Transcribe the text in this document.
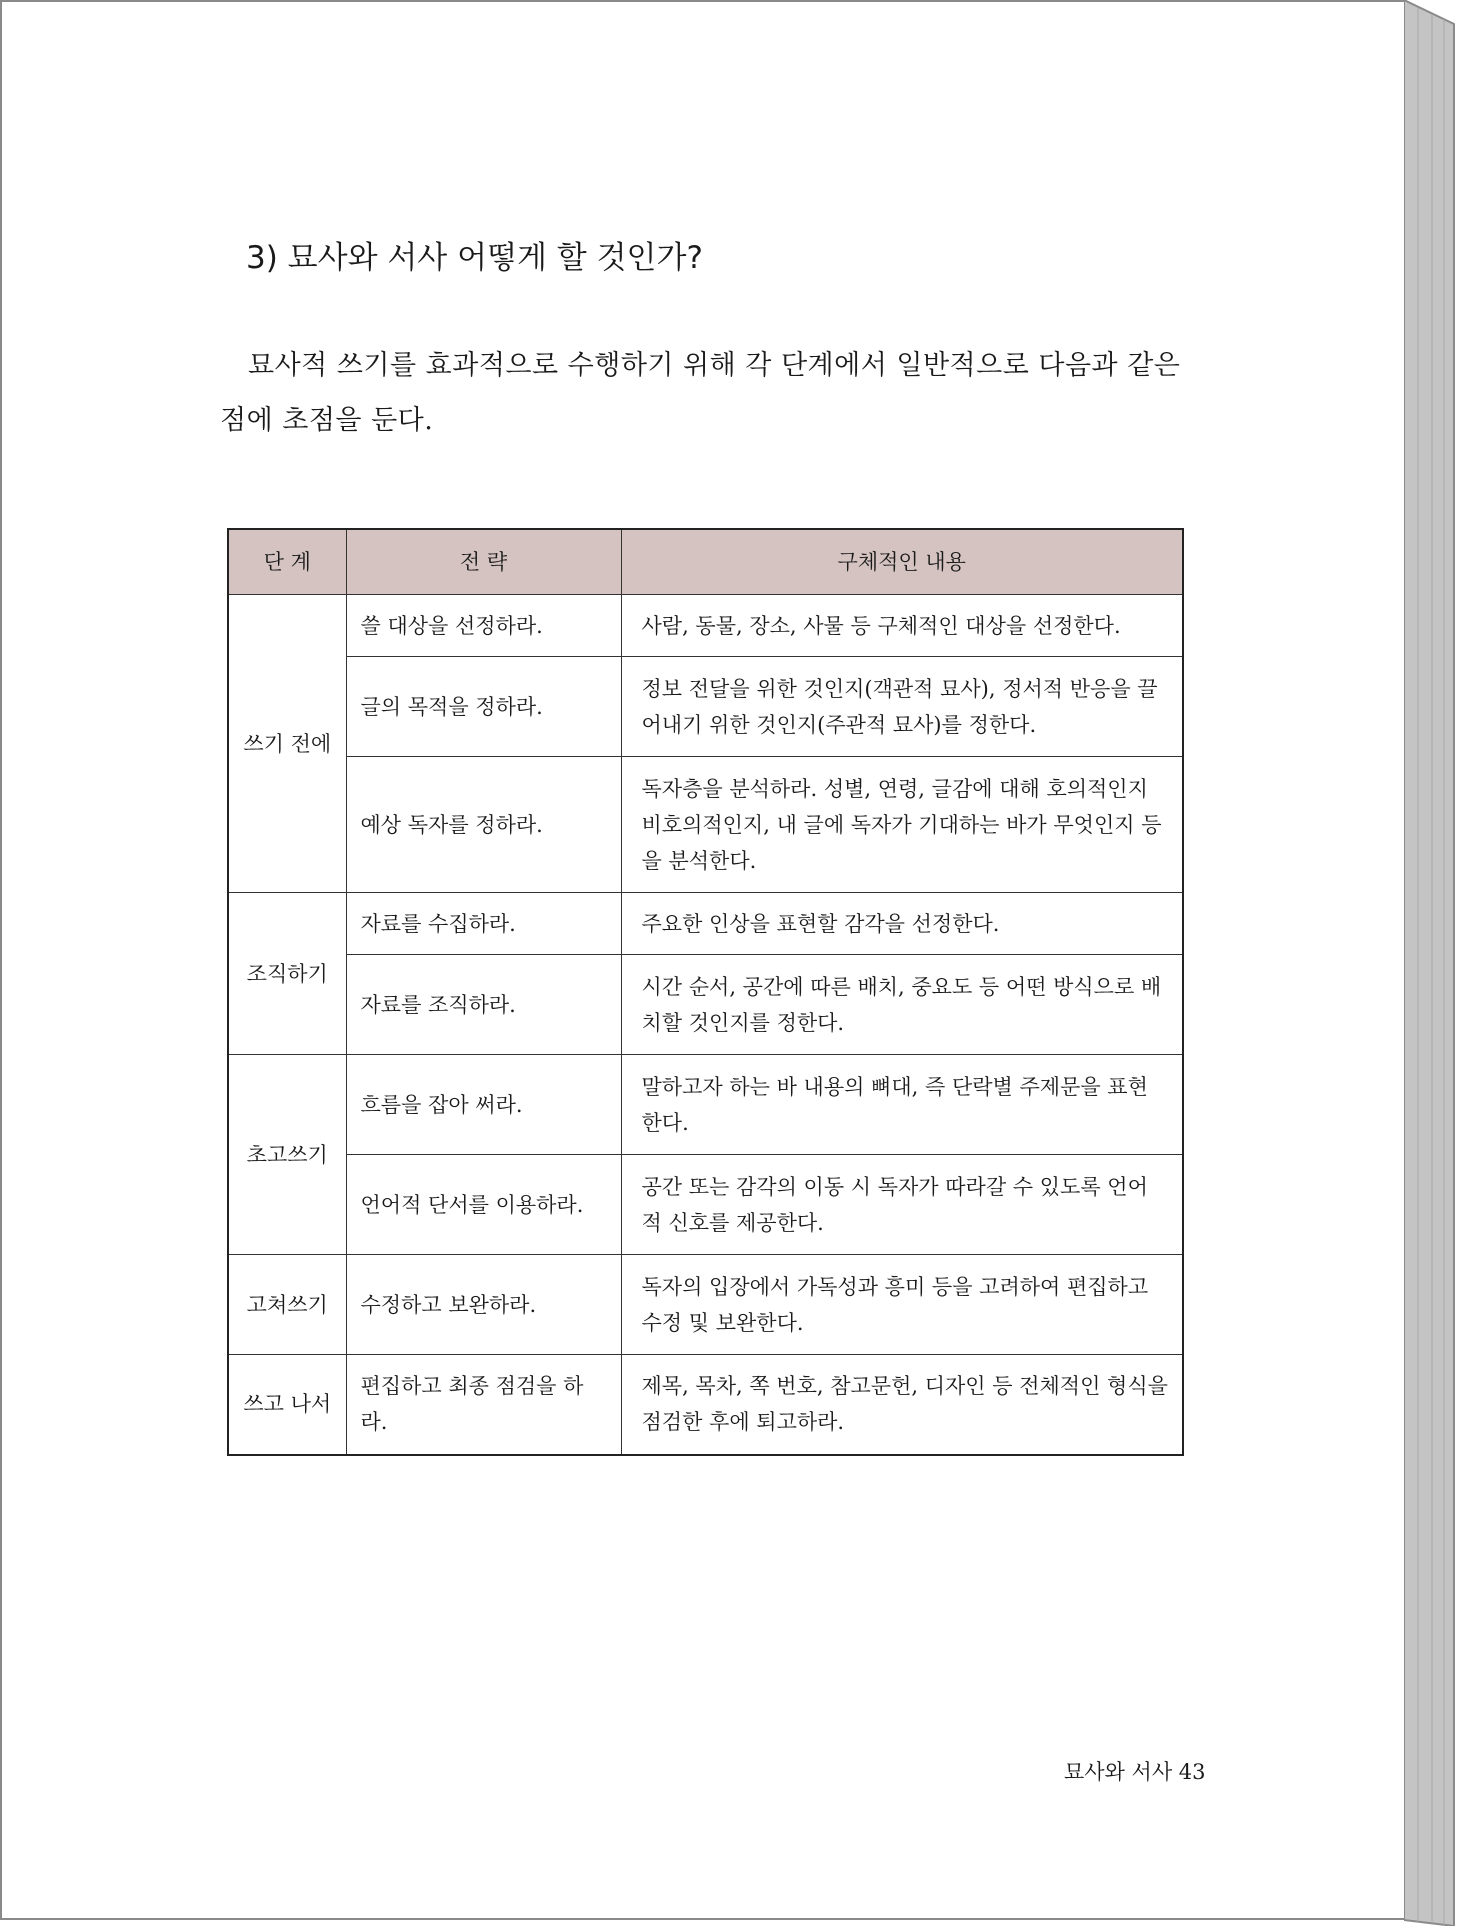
3) 묘사와 서사 어떻게 할 것인가?

묘사적 쓰기를 효과적으로 수행하기 위해 각 단계에서 일반적으로 다음과 같은 점에 초점을 둔다.

단 계	전 략	구체적인 내용
쓰기 전에	쓸 대상을 선정하라.	사람, 동물, 장소, 사물 등 구체적인 대상을 선정한다.
	글의 목적을 정하라.	정보 전달을 위한 것인지(객관적 묘사), 정서적 반응을 끌어내기 위한 것인지(주관적 묘사)를 정한다.
	예상 독자를 정하라.	독자층을 분석하라. 성별, 연령, 글감에 대해 호의적인지 비호의적인지, 내 글에 독자가 기대하는 바가 무엇인지 등을 분석한다.
조직하기	자료를 수집하라.	주요한 인상을 표현할 감각을 선정한다.
	자료를 조직하라.	시간 순서, 공간에 따른 배치, 중요도 등 어떤 방식으로 배치할 것인지를 정한다.
초고쓰기	흐름을 잡아 써라.	말하고자 하는 바 내용의 뼈대, 즉 단락별 주제문을 표현한다.
	언어적 단서를 이용하라.	공간 또는 감각의 이동 시 독자가 따라갈 수 있도록 언어적 신호를 제공한다.
고쳐쓰기	수정하고 보완하라.	독자의 입장에서 가독성과 흥미 등을 고려하여 편집하고 수정 및 보완한다.
쓰고 나서	편집하고 최종 점검을 하라.	제목, 목차, 쪽 번호, 참고문헌, 디자인 등 전체적인 형식을 점검한 후에 퇴고하라.
묘사와 서사 43
